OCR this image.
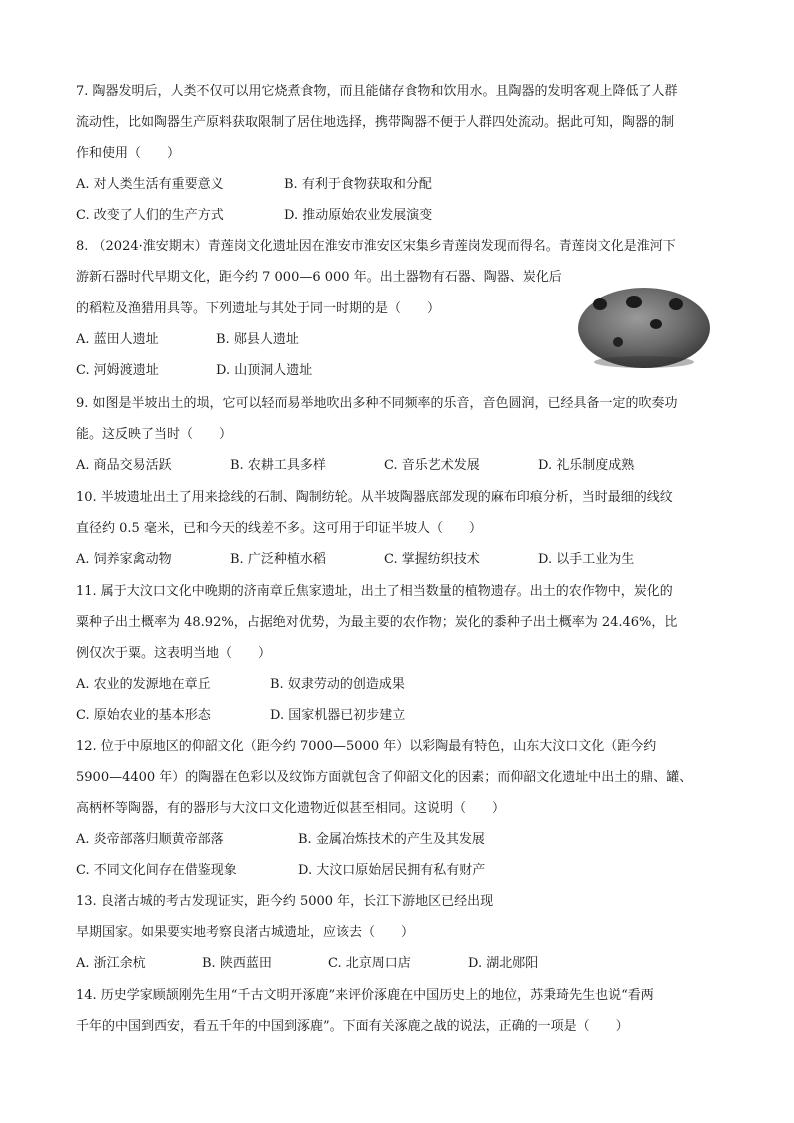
7. 陶器发明后，人类不仅可以用它烧煮食物，而且能储存食物和饮用水。且陶器的发明客观上降低了人群
流动性，比如陶器生产原料获取限制了居住地选择，携带陶器不便于人群四处流动。据此可知，陶器的制
作和使用（　　）
A. 对人类生活有重要意义	B. 有利于食物获取和分配
C. 改变了人们的生产方式	D. 推动原始农业发展演变
8. （2024·淮安期末）青莲岗文化遗址因在淮安市淮安区宋集乡青莲岗发现而得名。青莲岗文化是淮河下
游新石器时代早期文化，距今约 7 000—6 000 年。出土器物有石器、陶器、炭化后
的稻粒及渔猎用具等。下列遗址与其处于同一时期的是（　　）
A. 蓝田人遗址	B. 郧县人遗址
C. 河姆渡遗址	D. 山顶洞人遗址
9. 如图是半坡出土的埙，它可以轻而易举地吹出多种不同频率的乐音，音色圆润，已经具备一定的吹奏功
能。这反映了当时（　　）
A. 商品交易活跃	B. 农耕工具多样	C. 音乐艺术发展	D. 礼乐制度成熟
10. 半坡遗址出土了用来捻线的石制、陶制纺轮。从半坡陶器底部发现的麻布印痕分析，当时最细的线纹
直径约 0.5 毫米，已和今天的线差不多。这可用于印证半坡人（　　）
A. 饲养家禽动物	B. 广泛种植水稻	C. 掌握纺织技术	D. 以手工业为生
11. 属于大汶口文化中晚期的济南章丘焦家遗址，出土了相当数量的植物遗存。出土的农作物中，炭化的
粟种子出土概率为 48.92%，占据绝对优势，为最主要的农作物；炭化的黍种子出土概率为 24.46%，比
例仅次于粟。这表明当地（　　）
A. 农业的发源地在章丘	B. 奴隶劳动的创造成果
C. 原始农业的基本形态	D. 国家机器已初步建立
12. 位于中原地区的仰韶文化（距今约 7000—5000 年）以彩陶最有特色，山东大汶口文化（距今约
5900—4400 年）的陶器在色彩以及纹饰方面就包含了仰韶文化的因素；而仰韶文化遗址中出土的鼎、罐、
高柄杯等陶器，有的器形与大汶口文化遗物近似甚至相同。这说明（　　）
A. 炎帝部落归顺黄帝部落	B. 金属冶炼技术的产生及其发展
C. 不同文化间存在借鉴现象	D. 大汶口原始居民拥有私有财产
13. 良渚古城的考古发现证实，距今约 5000 年，长江下游地区已经出现
早期国家。如果要实地考察良渚古城遗址，应该去（　　）
A. 浙江余杭	B. 陕西蓝田	C. 北京周口店	D. 湖北郧阳
14. 历史学家顾颉刚先生用“千古文明开涿鹿”来评价涿鹿在中国历史上的地位，苏秉琦先生也说“看两
千年的中国到西安，看五千年的中国到涿鹿”。下面有关涿鹿之战的说法，正确的一项是（　　）
